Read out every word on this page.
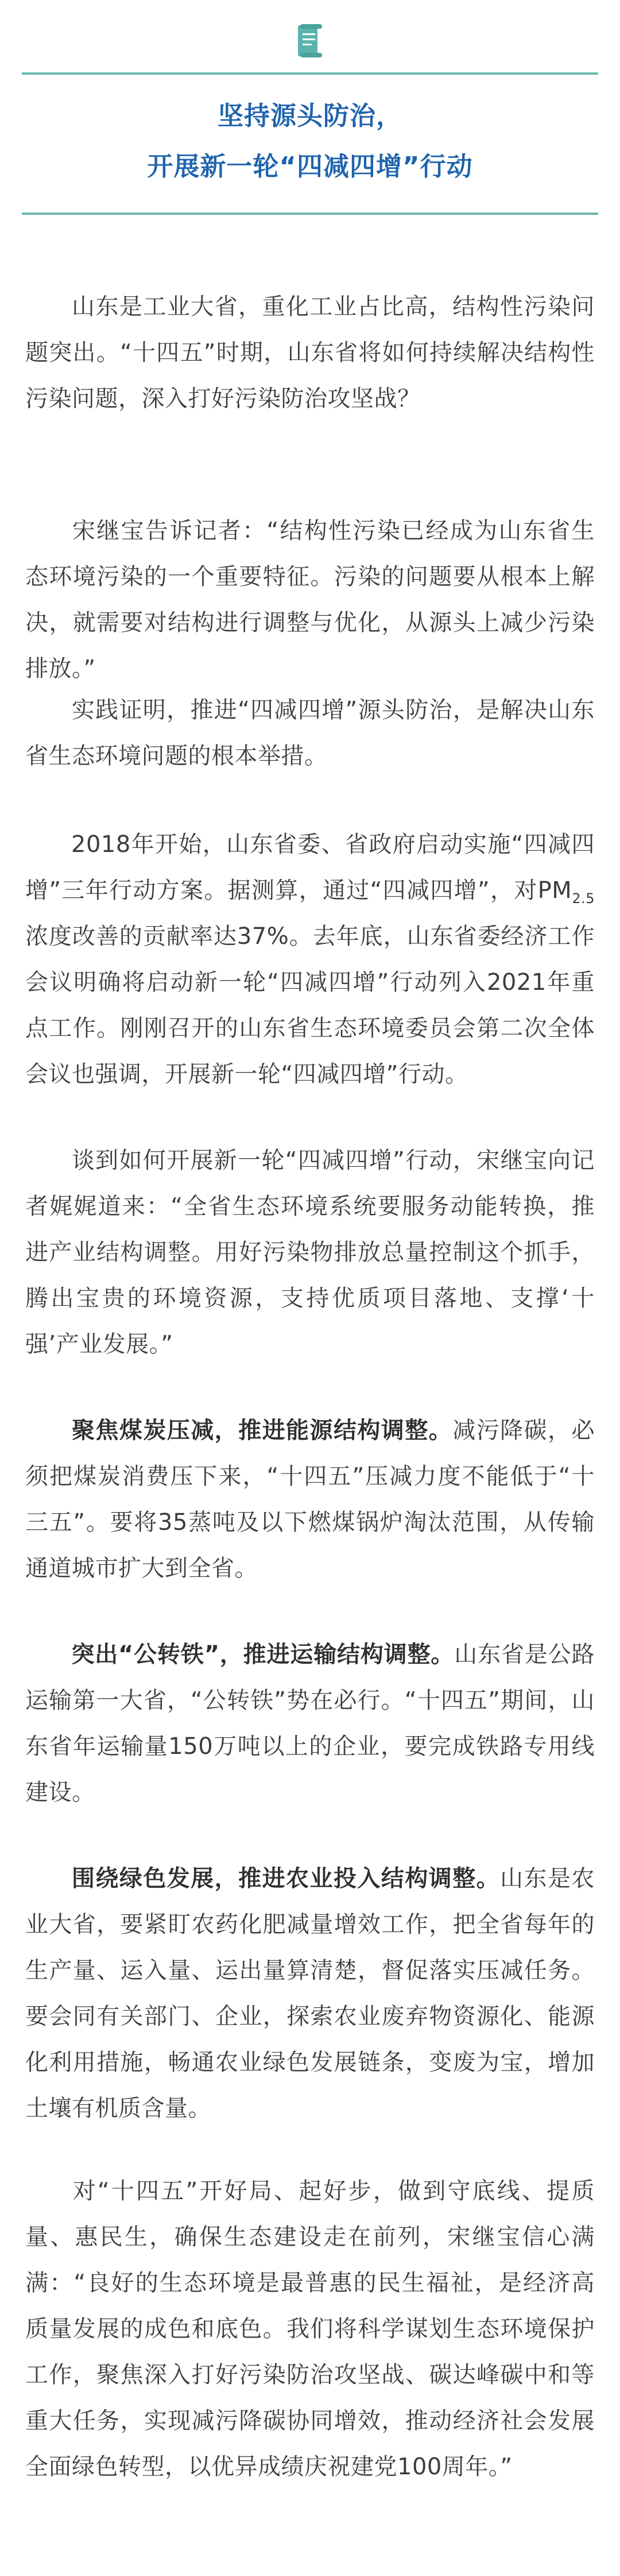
坚持源头防治，
开展新一轮“四减四增”行动

山东是工业大省，重化工业占比高，结构性污染问题突出。“十四五”时期，山东省将如何持续解决结构性污染问题，深入打好污染防治攻坚战？

宋继宝告诉记者：“结构性污染已经成为山东省生态环境污染的一个重要特征。污染的问题要从根本上解决，就需要对结构进行调整与优化，从源头上减少污染排放。”

实践证明，推进“四减四增”源头防治，是解决山东省生态环境问题的根本举措。

2018年开始，山东省委、省政府启动实施“四减四增”三年行动方案。据测算，通过“四减四增”，对$PM_{2.5}$浓度改善的贡献率达37%。去年底，山东省委经济工作会议明确将启动新一轮“四减四增”行动列入2021年重点工作。刚刚召开的山东省生态环境委员会第二次全体会议也强调，开展新一轮“四减四增”行动。

谈到如何开展新一轮“四减四增”行动，宋继宝向记者娓娓道来：“全省生态环境系统要服务动能转换，推进产业结构调整。用好污染物排放总量控制这个抓手，腾出宝贵的环境资源，支持优质项目落地、支撑‘十强’产业发展。”

聚焦煤炭压减，推进能源结构调整。减污降碳，必须把煤炭消费压下来，“十四五”压减力度不能低于“十三五”。要将35蒸吨及以下燃煤锅炉淘汰范围，从传输通道城市扩大到全省。

突出“公转铁”，推进运输结构调整。山东省是公路运输第一大省，“公转铁”势在必行。“十四五”期间，山东省年运输量150万吨以上的企业，要完成铁路专用线建设。

围绕绿色发展，推进农业投入结构调整。山东是农业大省，要紧盯农药化肥减量增效工作，把全省每年的生产量、运入量、运出量算清楚，督促落实压减任务。要会同有关部门、企业，探索农业废弃物资源化、能源化利用措施，畅通农业绿色发展链条，变废为宝，增加土壤有机质含量。

对“十四五”开好局、起好步，做到守底线、提质量、惠民生，确保生态建设走在前列，宋继宝信心满满：“良好的生态环境是最普惠的民生福祉，是经济高质量发展的成色和底色。我们将科学谋划生态环境保护工作，聚焦深入打好污染防治攻坚战、碳达峰碳中和等重大任务，实现减污降碳协同增效，推动经济社会发展全面绿色转型，以优异成绩庆祝建党100周年。”
